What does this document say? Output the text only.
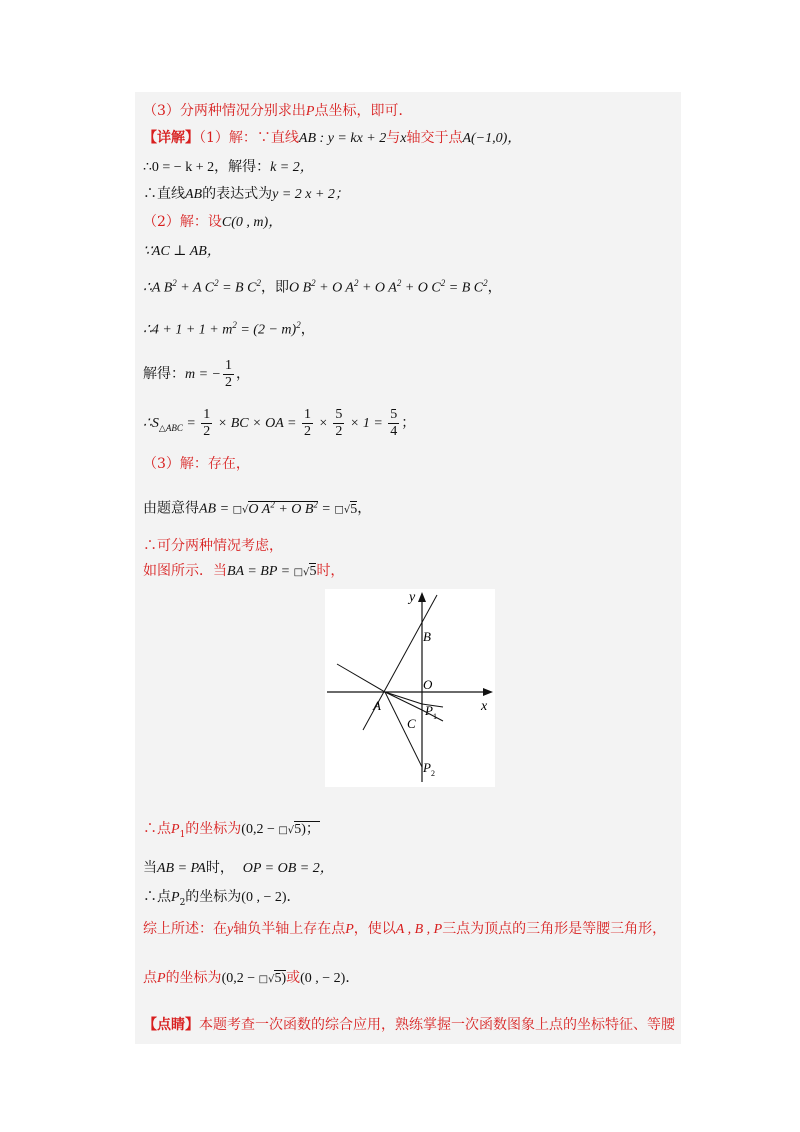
（3）分两种情况分别求出P点坐标，即可．
【详解】（1）解：∵直线AB : y = kx + 2与x轴交于点A(−1,0)，
∴0 = − k + 2，解得：k = 2，
∴直线AB的表达式为y = 2 x + 2；
（2）解：设C(0 , m)，
∵AC ⊥ AB，
∴A $B^2 + A$ $C^2 = B$ $C^2$，即O $B^2 + O$ $A^2 + O$ $A^2 + O$ $C^2 = B$ $C^2$，
∴4 + $1 + 1 + m^2 = (2 - m)^2$，
解得：m = − $\frac{1}{2}$ ，
$\therefore S_{\triangle ABC} = \frac{1}{2}$ × BC × OA = $\frac{1}{2} \times \frac{5}{2} \times 1 = \frac{5}{4}$ ；
（3）解：存在，
由题意得AB = □√O $A^2 + O$ $B^2$ = □√5，
∴可分两种情况考虑，
如图所示．当BA = BP = □√5时，
y
x
O
A
B
C
P 1
P 2
∴点$P_1$的坐标为(0,2 − □√5)；
当AB = PA时， OP = OB = 2，
∴点$P_2$的坐标为(0 , − 2)．
综上所述：在y轴负半轴上存在点P，使以A , B , P三点为顶点的三角形是等腰三角形，
点P的坐标为(0,2 − □√5)或(0 , − 2)．
【点睛】本题考查一次函数的综合应用，熟练掌握一次函数图象上点的坐标特征、等腰
